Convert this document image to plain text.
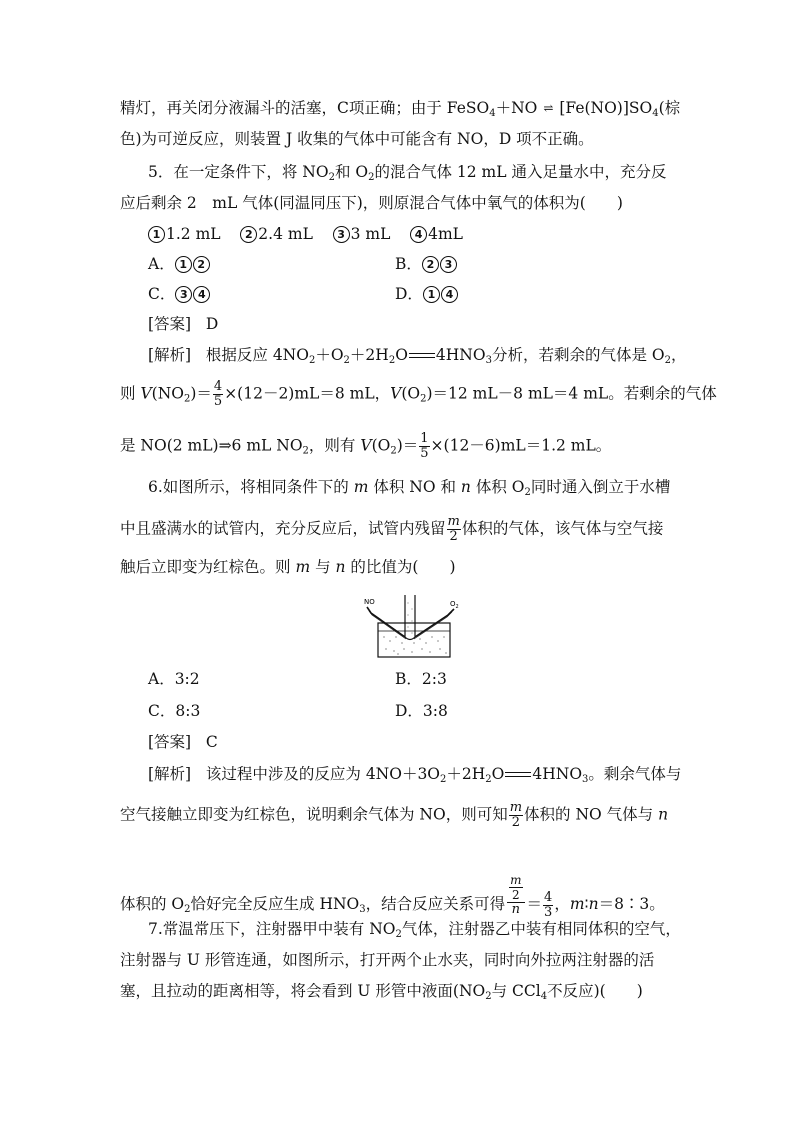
精灯，再关闭分液漏斗的活塞，C项正确；由于 FeSO$_4$＋NO ⇌ $[Fe(NO)]SO_4$(棕
色)为可逆反应，则装置 J 收集的气体中可能含有 NO，D 项不正确。
5．在一定条件下，将 $NO_2$和 $O_2$的混合气体 12 mL 通入足量水中，充分反
应后剩余 2　mL 气体(同温同压下)，则原混合气体中氧气的体积为(　　)
1 1.2 mL 2 2.4 mL 3 3 mL 4 4mL
A． 1 2	B． 2 3
C． 3 4	D． 1 4
[答案] D
[解析] 根据反应 $4NO_2+O_2+2H_2O$ $4HNO_3$分析，若剩余的气体是 $O_2$，
则 $V(NO_2)= \frac{4}{5} \times(12-2)mL=8$ mL，$V(O_2)=12$ mL－8 mL＝4 mL。若剩余的气体
是 NO(2 mL)⇒6 mL $NO_2$，则有 $V(O_2)= \frac{1}{5} \times(12-6)mL=1.2$ mL。
6.如图所示，将相同条件下的 m 体积 NO 和 n 体积 $O_2$同时通入倒立于水槽
中且盛满水的试管内，充分反应后，试管内残留 $\frac{m}{2}$ 体积的气体，该气体与空气接
触后立即变为红棕色。则 m 与 n 的比值为(　　)
NO	$O_2$
A．3:2	B．2:3
C．8:3	D．3:8
[答案] C
[解析] 该过程中涉及的反应为 $4NO+3O_2+2H_2O$ $4HNO_3$。剩余气体与
空气接触立即变为红棕色，说明剩余气体为 NO，则可知 $\frac{m}{2}$ 体积的 NO 气体与 n
体积的 $O_2$恰好完全反应生成 $HNO_3$，结合反应关系可得 $\frac{\frac{m}{2}}{n} = \frac{4}{3}$ ，m∶n＝8∶3。
7.常温常压下，注射器甲中装有 $NO_2$气体，注射器乙中装有相同体积的空气，
注射器与 U 形管连通，如图所示，打开两个止水夹，同时向外拉两注射器的活
塞，且拉动的距离相等，将会看到 U 形管中液面($NO_2$与 CCl$_4$不反应)(　　)
